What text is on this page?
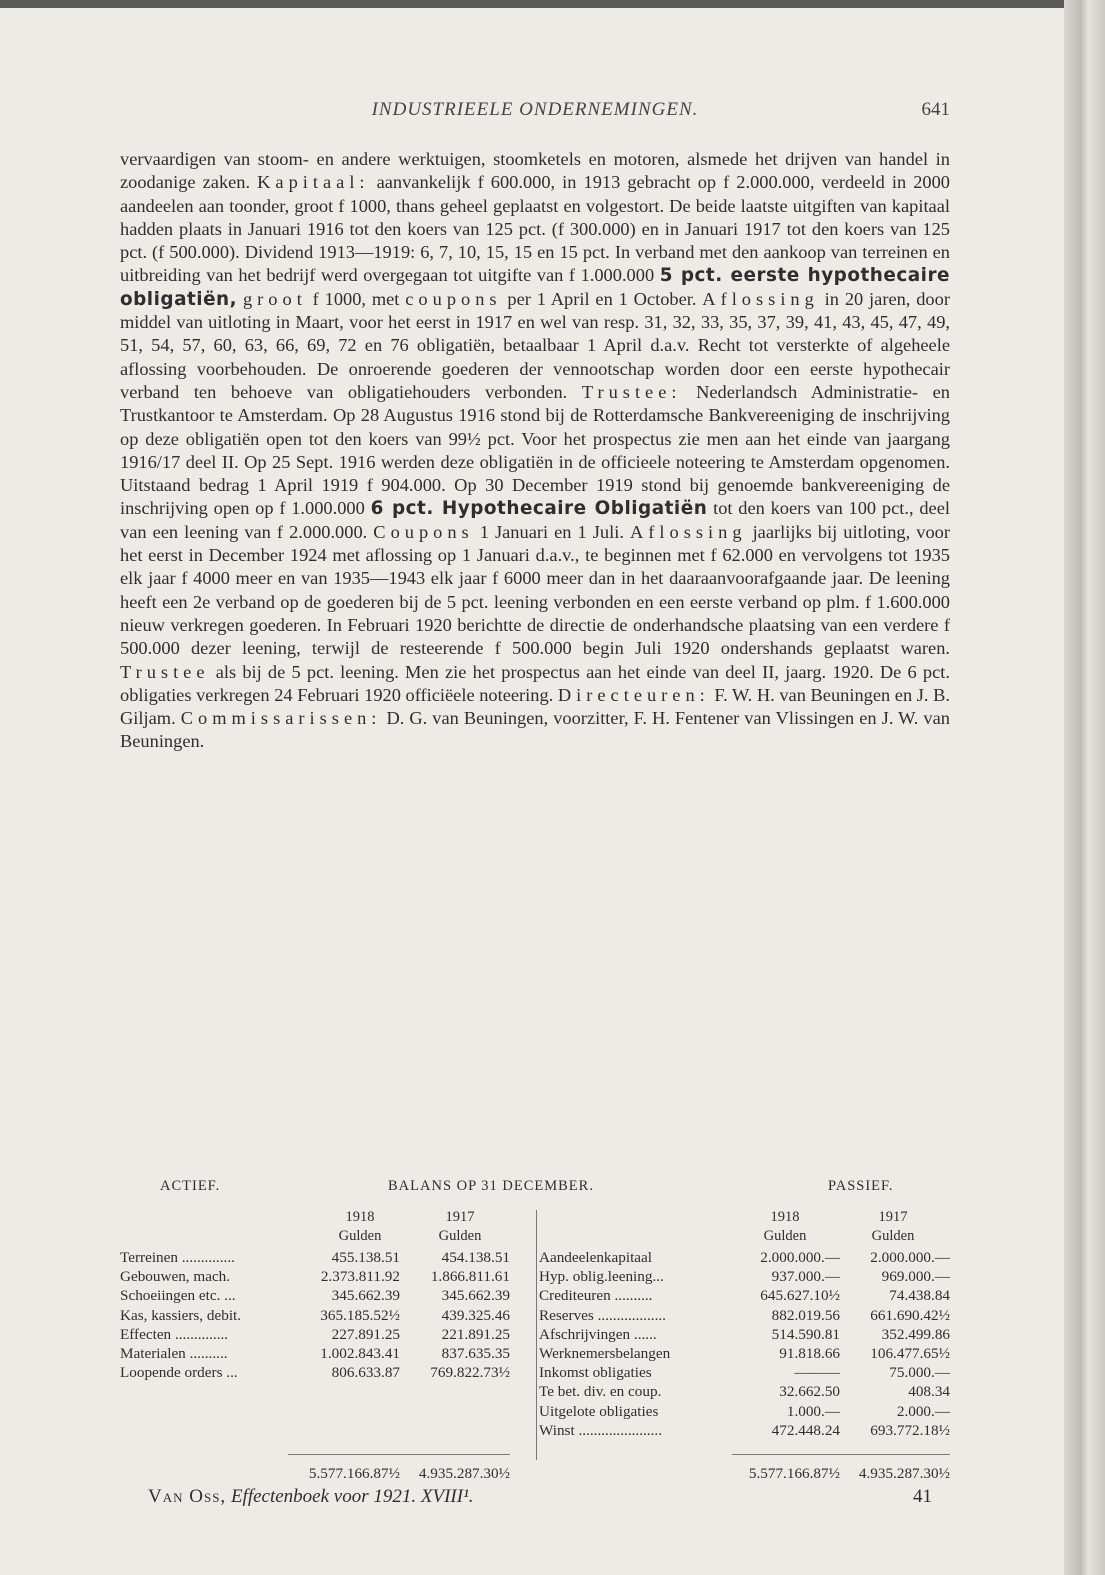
INDUSTRIEELE ONDERNEMINGEN.	641
vervaardigen van stoom- en andere werktuigen, stoomketels en motoren, alsmede het drijven van handel in zoodanige zaken. Kapitaal: aanvankelijk f 600.000, in 1913 gebracht op f 2.000.000, verdeeld in 2000 aandeelen aan toonder, groot f 1000, thans geheel geplaatst en volgestort. De beide laatste uitgiften van kapitaal hadden plaats in Januari 1916 tot den koers van 125 pct. (f 300.000) en in Januari 1917 tot den koers van 125 pct. (f 500.000). Dividend 1913—1919: 6, 7, 10, 15, 15 en 15 pct. In verband met den aankoop van terreinen en uitbreiding van het bedrijf werd overgegaan tot uitgifte van f 1.000.000 5 pct. eerste hypothecaire obligatiën, groot f 1000, met coupons per 1 April en 1 October. Aflossing in 20 jaren, door middel van uitloting in Maart, voor het eerst in 1917 en wel van resp. 31, 32, 33, 35, 37, 39, 41, 43, 45, 47, 49, 51, 54, 57, 60, 63, 66, 69, 72 en 76 obligatiën, betaalbaar 1 April d.a.v. Recht tot versterkte of algeheele aflossing voorbehouden. De onroerende goederen der vennootschap worden door een eerste hypothecair verband ten behoeve van obligatiehouders verbonden. Trustee: Nederlandsch Administratie- en Trustkantoor te Amsterdam. Op 28 Augustus 1916 stond bij de Rotterdamsche Bankvereeniging de inschrijving op deze obligatiën open tot den koers van 99½ pct. Voor het prospectus zie men aan het einde van jaargang 1916/17 deel II. Op 25 Sept. 1916 werden deze obligatiën in de officieele noteering te Amsterdam opgenomen. Uitstaand bedrag 1 April 1919 f 904.000. Op 30 December 1919 stond bij genoemde bankvereeniging de inschrijving open op f 1.000.000 6 pct. Hypothecaire Obligatiën tot den koers van 100 pct., deel van een leening van f 2.000.000. Coupons 1 Januari en 1 Juli. Aflossing jaarlijks bij uitloting, voor het eerst in December 1924 met aflossing op 1 Januari d.a.v., te beginnen met f 62.000 en vervolgens tot 1935 elk jaar f 4000 meer en van 1935—1943 elk jaar f 6000 meer dan in het daaraanvoorafgaande jaar. De leening heeft een 2e verband op de goederen bij de 5 pct. leening verbonden en een eerste verband op plm. f 1.600.000 nieuw verkregen goederen. In Februari 1920 berichtte de directie de onderhandsche plaatsing van een verdere f 500.000 dezer leening, terwijl de resteerende f 500.000 begin Juli 1920 ondershands geplaatst waren. Trustee als bij de 5 pct. leening. Men zie het prospectus aan het einde van deel II, jaarg. 1920. De 6 pct. obligaties verkregen 24 Februari 1920 officiëele noteering. Directeuren: F. W. H. van Beuningen en J. B. Giljam. Commissarissen: D. G. van Beuningen, voorzitter, F. H. Fentener van Vlissingen en J. W. van Beuningen.
ACTIEF.	BALANS OP 31 DECEMBER.	PASSIEF.
1918	1917
Gulden	Gulden
1918	1917
Gulden	Gulden
Terreinen ..............	455.138.51	454.138.51
Gebouwen, mach.	2.373.811.92 1.866.811.61
Schoeiingen etc. ...	345.662.39	345.662.39
Kas, kassiers, debit.	365.185.52½	439.325.46
Effecten ..............	227.891.25	221.891.25
Materialen ..........	1.002.843.41	837.635.35
Loopende orders ...	806.633.87 769.822.73½
Aandeelenkapitaal	2.000.000.— 2.000.000.—
Hyp. oblig.leening...	937.000.—	969.000.—
Crediteuren ..........	645.627.10½	74.438.84
Reserves ..................	882.019.56 661.690.42½
Afschrijvingen ......	514.590.81	352.499.86
Werknemersbelangen	91.818.66 106.477.65½
Inkomst obligaties	———	75.000.—
Te bet. div. en coup.	32.662.50	408.34
Uitgelote obligaties	1.000.—	2.000.—
Winst ......................	472.448.24 693.772.18½
5.577.166.87½ 4.935.287.30½	5.577.166.87½ 4.935.287.30½
Van Oss, Effectenboek voor 1921. XVIII¹.	41
